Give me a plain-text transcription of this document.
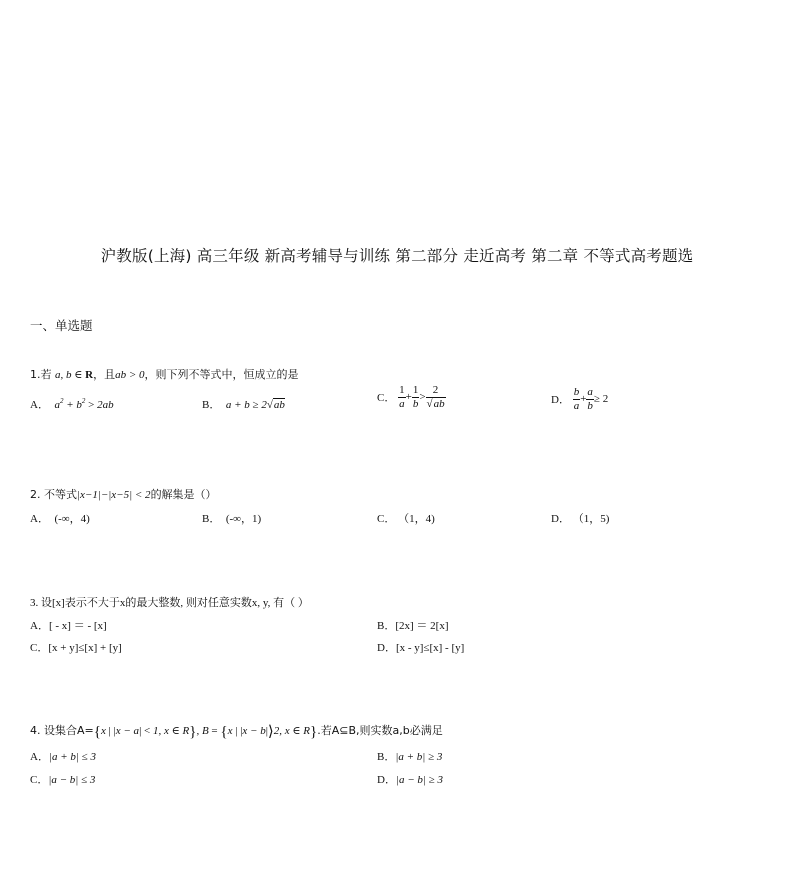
沪教版(上海) 高三年级 新高考辅导与训练 第二部分 走近高考 第二章 不等式高考题选
一、单选题
1.若 a, b ∈ R，且ab > 0，则下列不等式中，恒成立的是
A．  $a^2 + b^2 > 2ab$	B．  a + b ≥ 2√ab
C． $\frac{1}{a} + \frac{1}{b} > \frac{2}{√ab}$	D． $\frac{b}{a} + \frac{a}{b} \ge 2$
2. 不等式|x−1|−|x−5| < 2的解集是（）
A． (-∞，4)	B． (-∞，1)	C． （1，4)	D． （1，5)
3. 设[x]表示不大于x的最大整数, 则对任意实数x, y, 有（ ）
A．[ - x] ＝ - [x]	B．[2x] ＝ 2[x]
C．[x + y]≤[x] + [y]	D．[x - y]≤[x] - [y]
4. 设集合A={x | |x − a| < 1, x ∈ R}, B = {x | |x − b|⟩2, x ∈ R}.若A⊆B,则实数a,b必满足
A．|a + b| ≤ 3	B．|a + b| ≥ 3
C．|a − b| ≤ 3	D．|a − b| ≥ 3
